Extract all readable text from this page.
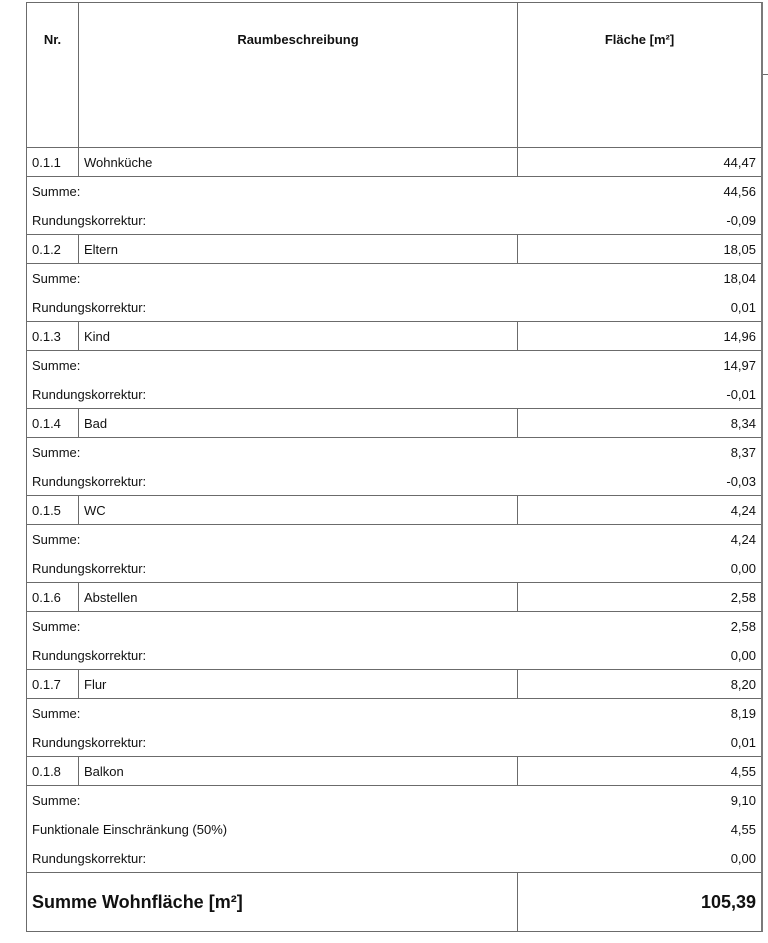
Nr.	Raumbeschreibung	Fläche [m²]
0.1.1	Wohnküche	44,47
Summe:	44,56
Rundungskorrektur:	-0,09
0.1.2	Eltern	18,05
Summe:	18,04
Rundungskorrektur:	0,01
0.1.3	Kind	14,96
Summe:	14,97
Rundungskorrektur:	-0,01
0.1.4	Bad	8,34
Summe:	8,37
Rundungskorrektur:	-0,03
0.1.5	WC	4,24
Summe:	4,24
Rundungskorrektur:	0,00
0.1.6	Abstellen	2,58
Summe:	2,58
Rundungskorrektur:	0,00
0.1.7	Flur	8,20
Summe:	8,19
Rundungskorrektur:	0,01
0.1.8	Balkon	4,55
Summe:	9,10
Funktionale Einschränkung (50%)	4,55
Rundungskorrektur:	0,00
Summe Wohnfläche [m²]	105,39
